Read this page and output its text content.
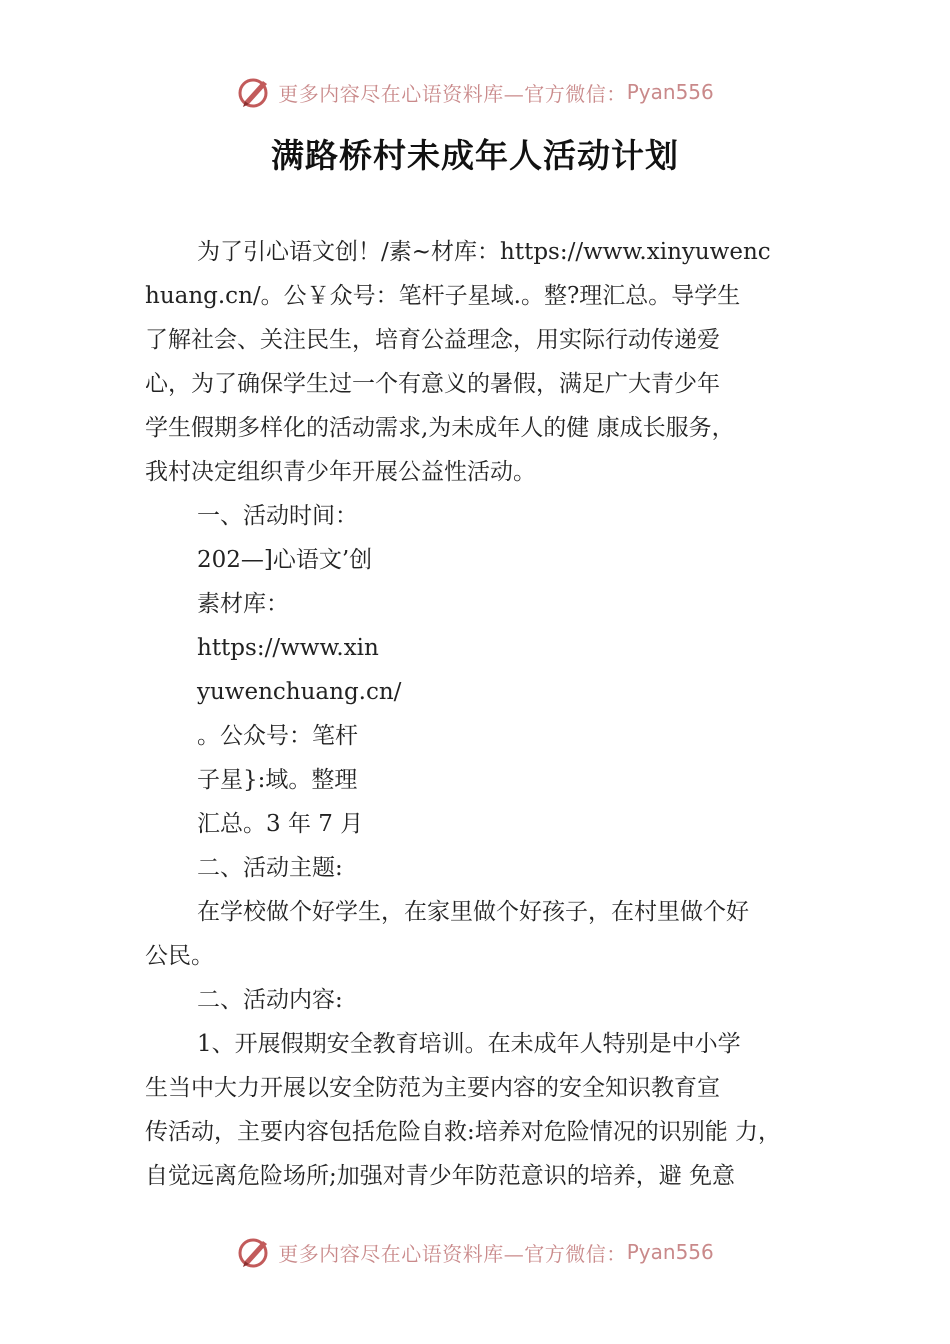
更多内容尽在心语资料库—官方微信： Pyan556
满路桥村未成年人活动计划
为了引心语文创！/素~材库：https://www.xinyuwenc
huang.cn/。公￥众号：笔杆子星域.。整?理汇总。导学生
了解社会、关注民生，培育公益理念，用实际行动传递爱
心，为了确保学生过一个有意义的暑假，满足广大青少年
学生假期多样化的活动需求,为未成年人的健 康成长服务，
我村决定组织青少年开展公益性活动。
一、活动时间：
202—]心语文’创
素材库：
https://www.xin
yuwenchuang.cn/
。公众号：笔杆
子星}:域。整理
汇总。3 年 7 月
二、活动主题:
在学校做个好学生，在家里做个好孩子，在村里做个好
公民。
二、活动内容:
1、开展假期安全教育培训。在未成年人特别是中小学
生当中大力开展以安全防范为主要内容的安全知识教育宣
传活动，主要内容包括危险自救:培养对危险情况的识别能 力，
自觉远离危险场所;加强对青少年防范意识的培养，避 免意
更多内容尽在心语资料库—官方微信： Pyan556
